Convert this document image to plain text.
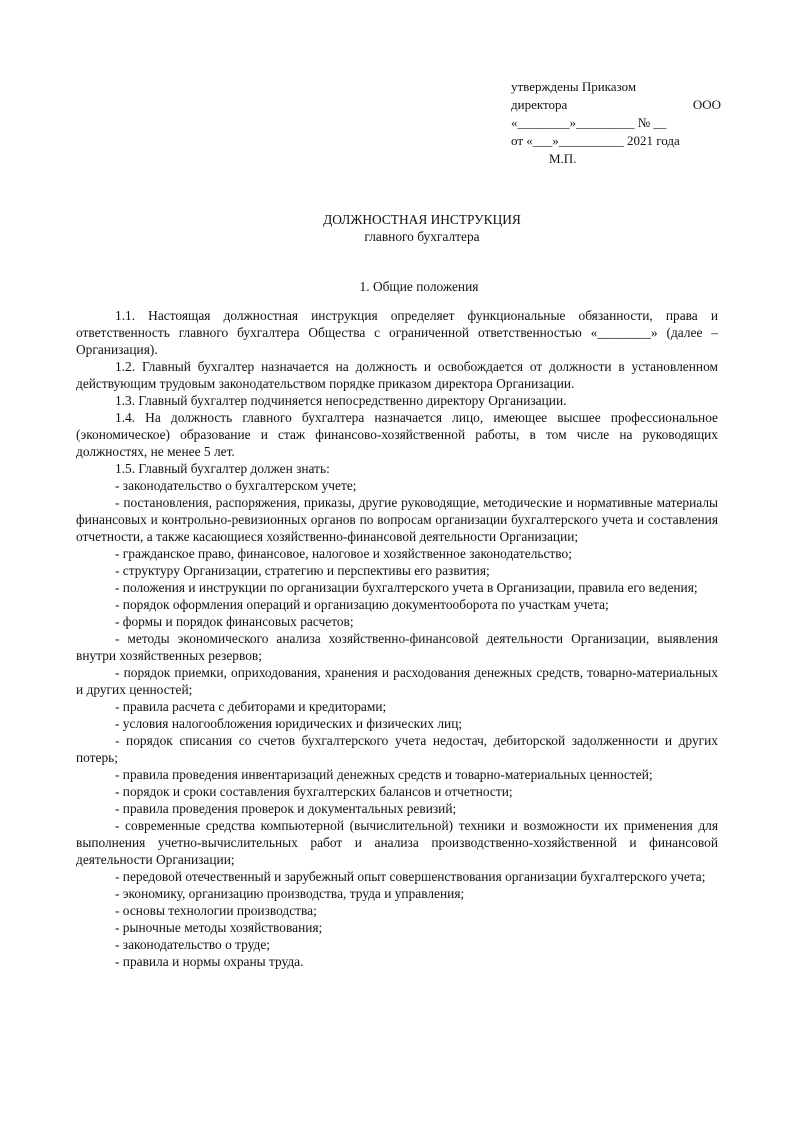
утверждены Приказом
директора	ООО
«________»_________ № __
от «___»__________ 2021 года
М.П.
ДОЛЖНОСТНАЯ ИНСТРУКЦИЯ
главного бухгалтера
1. Общие положения

1.1. Настоящая должностная инструкция определяет функциональные обязанности, права и ответственность главного бухгалтера Общества с ограниченной ответственностью «________» (далее – Организация).

1.2. Главный бухгалтер назначается на должность и освобождается от должности в установленном действующим трудовым законодательством порядке приказом директора Организации.

1.3. Главный бухгалтер подчиняется непосредственно директору Организации.

1.4. На должность главного бухгалтера назначается лицо, имеющее высшее профессиональное (экономическое) образование и стаж финансово-хозяйственной работы, в том числе на руководящих должностях, не менее 5 лет.

1.5. Главный бухгалтер должен знать:

- законодательство о бухгалтерском учете;

- постановления, распоряжения, приказы, другие руководящие, методические и нормативные материалы финансовых и контрольно-ревизионных органов по вопросам организации бухгалтерского учета и составления отчетности, а также касающиеся хозяйственно-финансовой деятельности Организации;

- гражданское право, финансовое, налоговое и хозяйственное законодательство;

- структуру Организации, стратегию и перспективы его развития;

- положения и инструкции по организации бухгалтерского учета в Организации, правила его ведения;

- порядок оформления операций и организацию документооборота по участкам учета;

- формы и порядок финансовых расчетов;

- методы экономического анализа хозяйственно-финансовой деятельности Организации, выявления внутри хозяйственных резервов;

- порядок приемки, оприходования, хранения и расходования денежных средств, товарно-материальных и других ценностей;

- правила расчета с дебиторами и кредиторами;

- условия налогообложения юридических и физических лиц;

- порядок списания со счетов бухгалтерского учета недостач, дебиторской задолженности и других потерь;

- правила проведения инвентаризаций денежных средств и товарно-материальных ценностей;

- порядок и сроки составления бухгалтерских балансов и отчетности;

- правила проведения проверок и документальных ревизий;

- современные средства компьютерной (вычислительной) техники и возможности их применения для выполнения учетно-вычислительных работ и анализа производственно-хозяйственной и финансовой деятельности Организации;

- передовой отечественный и зарубежный опыт совершенствования организации бухгалтерского учета;

- экономику, организацию производства, труда и управления;

- основы технологии производства;

- рыночные методы хозяйствования;

- законодательство о труде;

- правила и нормы охраны труда.
